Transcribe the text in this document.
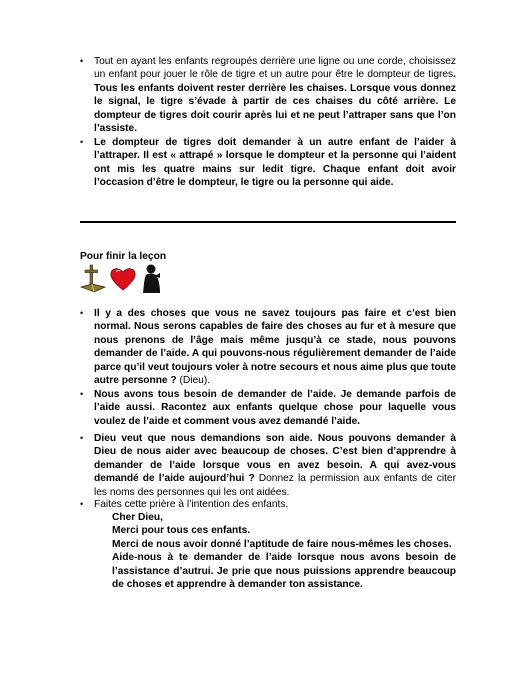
• Tout en ayant les enfants regroupés derrière une ligne ou une corde, choisissez un enfant pour jouer le rôle de tigre et un autre pour être le dompteur de tigres. Tous les enfants doivent rester derrière les chaises. Lorsque vous donnez le signal, le tigre s’évade à partir de ces chaises du côté arrière. Le dompteur de tigres doit courir après lui et ne peut l’attraper sans que l’on l’assiste.
• Le dompteur de tigres doit demander à un autre enfant de l’aider à l’attraper. Il est « attrapé » lorsque le dompteur et la personne qui l’aident ont mis les quatre mains sur ledit tigre. Chaque enfant doit avoir l’occasion d’être le dompteur, le tigre ou la personne qui aide.
Pour finir la leçon
• Il y a des choses que vous ne savez toujours pas faire et c’est bien normal. Nous serons capables de faire des choses au fur et à mesure que nous prenons de l’âge mais même jusqu’à ce stade, nous pouvons demander de l’aide. A qui pouvons-nous régulièrement demander de l’aide parce qu’il veut toujours voler à notre secours et nous aime plus que toute autre personne ? (Dieu).
• Nous avons tous besoin de demander de l’aide. Je demande parfois de l’aide aussi. Racontez aux enfants quelque chose pour laquelle vous voulez de l’aide et comment vous avez demandé l’aide.
• Dieu veut que nous demandions son aide. Nous pouvons demander à Dieu de nous aider avec beaucoup de choses. C’est bien d’apprendre à demander de l’aide lorsque vous en avez besoin. A qui avez-vous demandé de l’aide aujourd’hui ? Donnez la permission aux enfants de citer les noms des personnes qui les ont aidées.
• Faites cette prière à l’intention des enfants.
Cher Dieu,
Merci pour tous ces enfants.
Merci de nous avoir donné l’aptitude de faire nous-mêmes les choses.
Aide-nous à te demander de l’aide lorsque nous avons besoin de l’assistance d’autrui. Je prie que nous puissions apprendre beaucoup de choses et apprendre à demander ton assistance.
